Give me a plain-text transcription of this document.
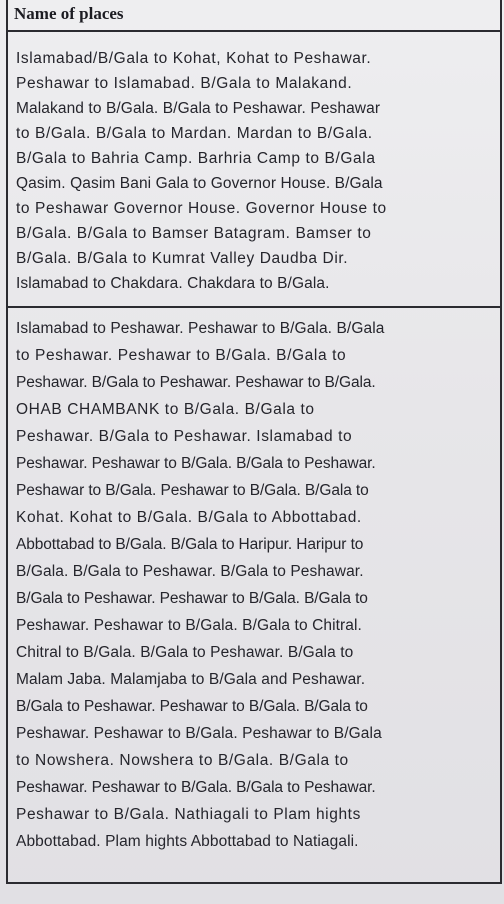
Name of places
Islamabad/B/Gala to Kohat, Kohat to Peshawar.
Peshawar to Islamabad. B/Gala to Malakand.
Malakand to B/Gala. B/Gala to Peshawar. Peshawar
to B/Gala. B/Gala to Mardan. Mardan to B/Gala.
B/Gala to Bahria Camp. Barhria Camp to B/Gala
Qasim. Qasim Bani Gala to Governor House. B/Gala
to Peshawar Governor House. Governor House to
B/Gala. B/Gala to Bamser Batagram. Bamser to
B/Gala. B/Gala to Kumrat Valley Daudba Dir.
Islamabad to Chakdara. Chakdara to B/Gala.
Islamabad to Peshawar. Peshawar to B/Gala. B/Gala
to Peshawar. Peshawar to B/Gala. B/Gala to
Peshawar. B/Gala to Peshawar. Peshawar to B/Gala.
OHAB CHAMBANK to B/Gala. B/Gala to
Peshawar. B/Gala to Peshawar. Islamabad to
Peshawar. Peshawar to B/Gala. B/Gala to Peshawar.
Peshawar to B/Gala. Peshawar to B/Gala. B/Gala to
Kohat. Kohat to B/Gala. B/Gala to Abbottabad.
Abbottabad to B/Gala. B/Gala to Haripur. Haripur to
B/Gala. B/Gala to Peshawar. B/Gala to Peshawar.
B/Gala to Peshawar. Peshawar to B/Gala. B/Gala to
Peshawar. Peshawar to B/Gala. B/Gala to Chitral.
Chitral to B/Gala. B/Gala to Peshawar. B/Gala to
Malam Jaba. Malamjaba to B/Gala and Peshawar.
B/Gala to Peshawar. Peshawar to B/Gala. B/Gala to
Peshawar. Peshawar to B/Gala. Peshawar to B/Gala
to Nowshera. Nowshera to B/Gala. B/Gala to
Peshawar. Peshawar to B/Gala. B/Gala to Peshawar.
Peshawar to B/Gala. Nathiagali to Plam hights
Abbottabad. Plam hights Abbottabad to Natiagali.
